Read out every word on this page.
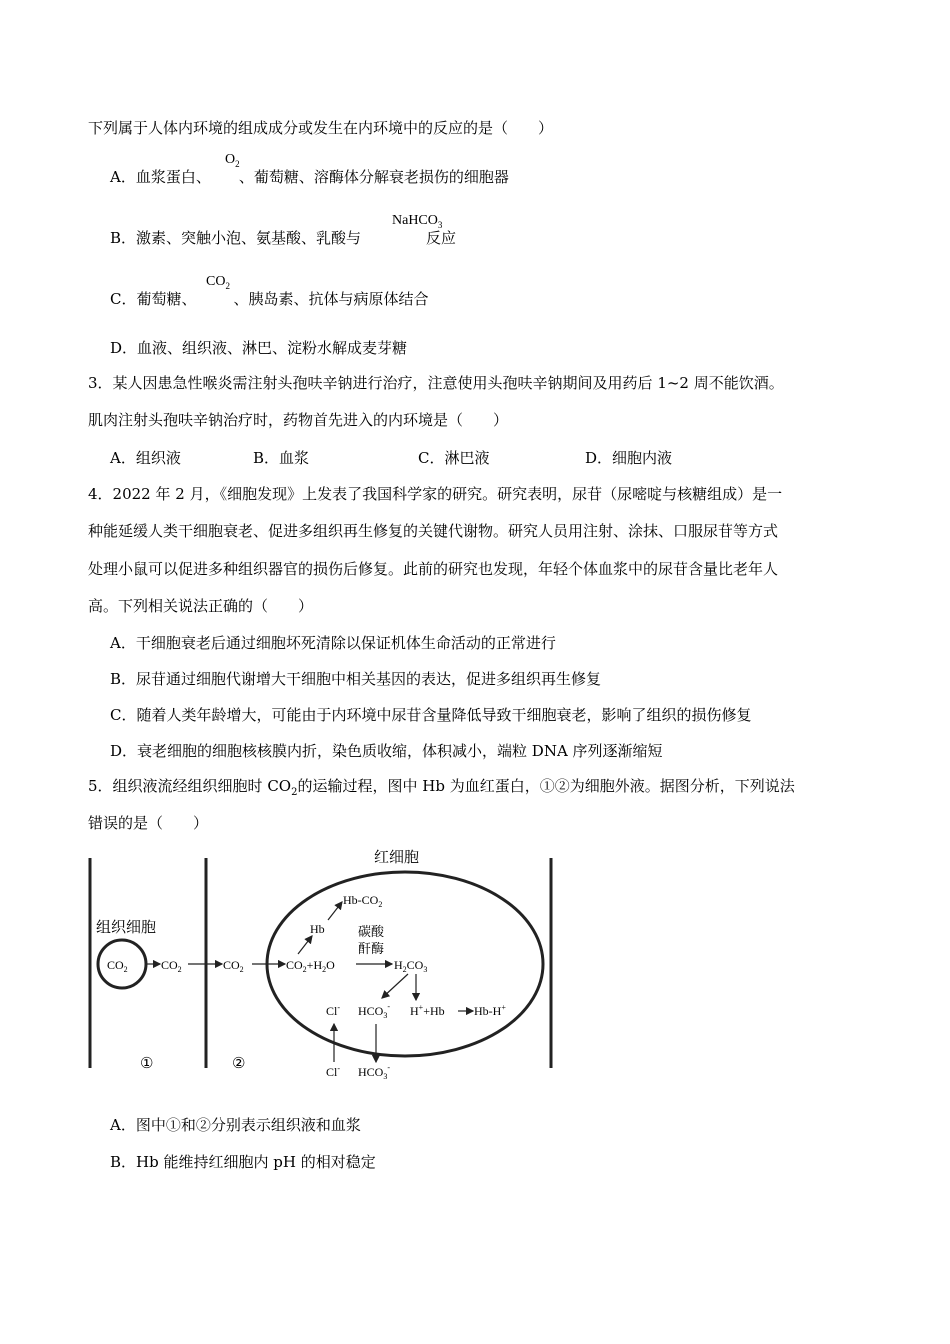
下列属于人体内环境的组成成分或发生在内环境中的反应的是（　　）
A．血浆蛋白、 、葡萄糖、溶酶体分解衰老损伤的细胞器
$O_2$
B．激素、突触小泡、氨基酸、乳酸与	反应
NaHCO$_3$
C．葡萄糖、 、胰岛素、抗体与病原体结合
$CO_2$
D．血液、组织液、淋巴、淀粉水解成麦芽糖
3．某人因患急性喉炎需注射头孢呋辛钠进行治疗，注意使用头孢呋辛钠期间及用药后 1~2 周不能饮酒。
肌肉注射头孢呋辛钠治疗时，药物首先进入的内环境是（　　）
A．组织液	B．血浆	C．淋巴液	D．细胞内液
4．2022 年 2 月，《细胞发现》上发表了我国科学家的研究。研究表明，尿苷（尿嘧啶与核糖组成）是一
种能延缓人类干细胞衰老、促进多组织再生修复的关键代谢物。研究人员用注射、涂抹、口服尿苷等方式
处理小鼠可以促进多种组织器官的损伤后修复。此前的研究也发现，年轻个体血浆中的尿苷含量比老年人
高。下列相关说法正确的（　　）
A．干细胞衰老后通过细胞坏死清除以保证机体生命活动的正常进行
B．尿苷通过细胞代谢增大干细胞中相关基因的表达，促进多组织再生修复
C．随着人类年龄增大，可能由于内环境中尿苷含量降低导致干细胞衰老，影响了组织的损伤修复
D．衰老细胞的细胞核核膜内折，染色质收缩，体积减小，端粒 DNA 序列逐渐缩短
5．组织液流经组织细胞时 $CO_2$的运输过程，图中 Hb 为血红蛋白，①②为细胞外液。据图分析，下列说法
错误的是（　　）
红细胞
组织细胞
$CO_2$	$CO_2$	$CO_2$	$CO_2+H_2O$
碳酸
酐酶
$H_2CO_3$
Hb
$Hb-CO_2$
Cl- $HCO_3^-$ H++Hb Hb-H+
Cl- $HCO_3^-$
①	②
A．图中①和②分别表示组织液和血浆
B．Hb 能维持红细胞内 pH 的相对稳定
